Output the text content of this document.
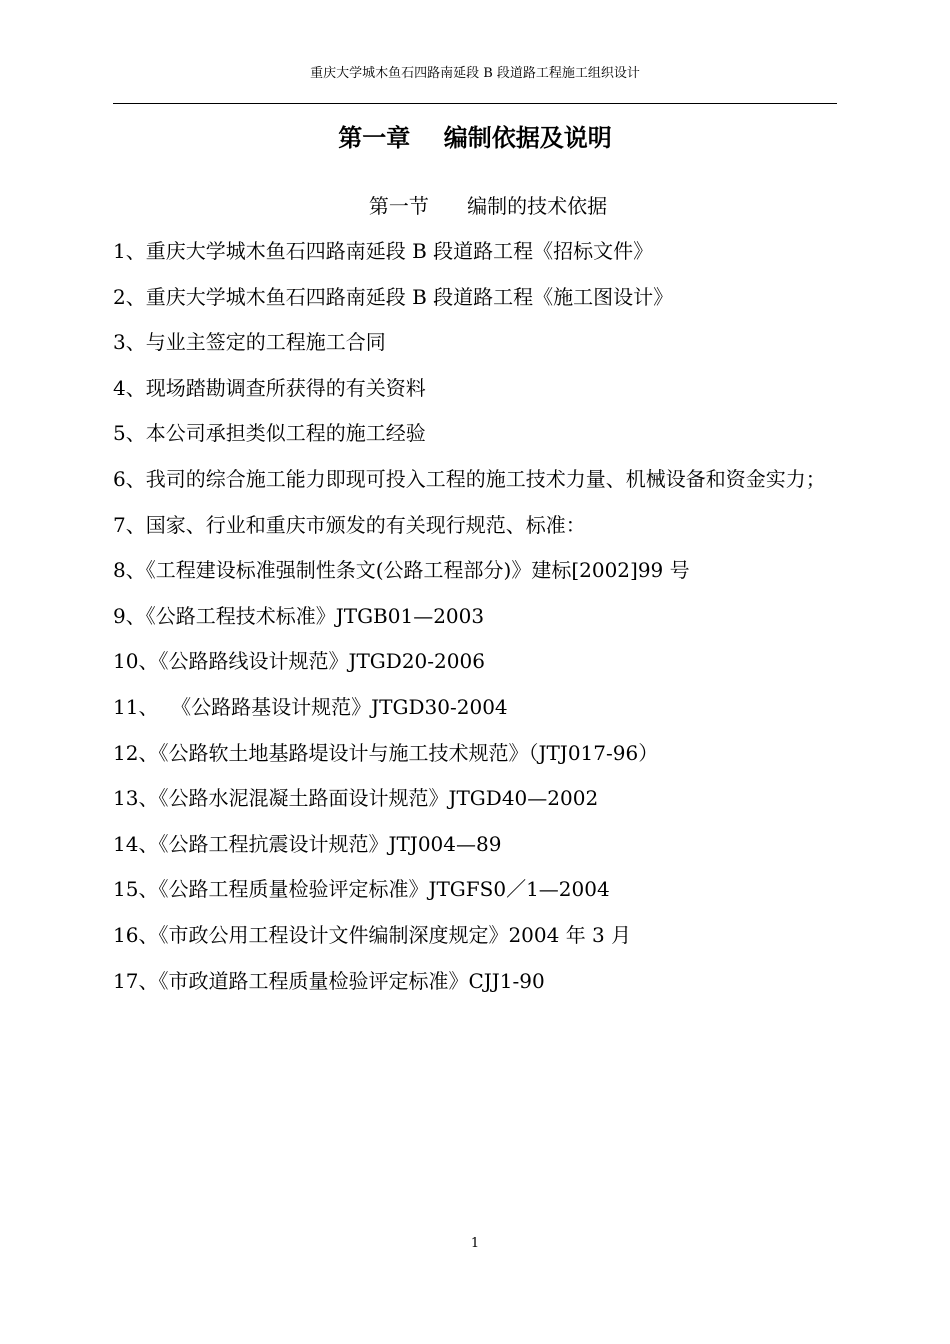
重庆大学城木鱼石四路南延段 B 段道路工程施工组织设计
第一章    编制依据及说明
第一节      编制的技术依据
1、重庆大学城木鱼石四路南延段 B 段道路工程《招标文件》
2、重庆大学城木鱼石四路南延段 B 段道路工程《施工图设计》
3、与业主签定的工程施工合同
4、现场踏勘调查所获得的有关资料
5、本公司承担类似工程的施工经验
6、我司的综合施工能力即现可投入工程的施工技术力量、机械设备和资金实力；
7、国家、行业和重庆市颁发的有关现行规范、标准：
8、《工程建设标准强制性条文(公路工程部分)》建标[2002]99 号
9、《公路工程技术标准》JTGB01—2003
10、《公路路线设计规范》JTGD20-2006
11、  《公路路基设计规范》JTGD30-2004
12、《公路软土地基路堤设计与施工技术规范》（JTJ017-96）
13、《公路水泥混凝土路面设计规范》JTGD40—2002
14、《公路工程抗震设计规范》JTJ004—89
15、《公路工程质量检验评定标准》JTGFS0／1—2004
16、《市政公用工程设计文件编制深度规定》2004 年 3 月
17、《市政道路工程质量检验评定标准》CJJ1-90
1
